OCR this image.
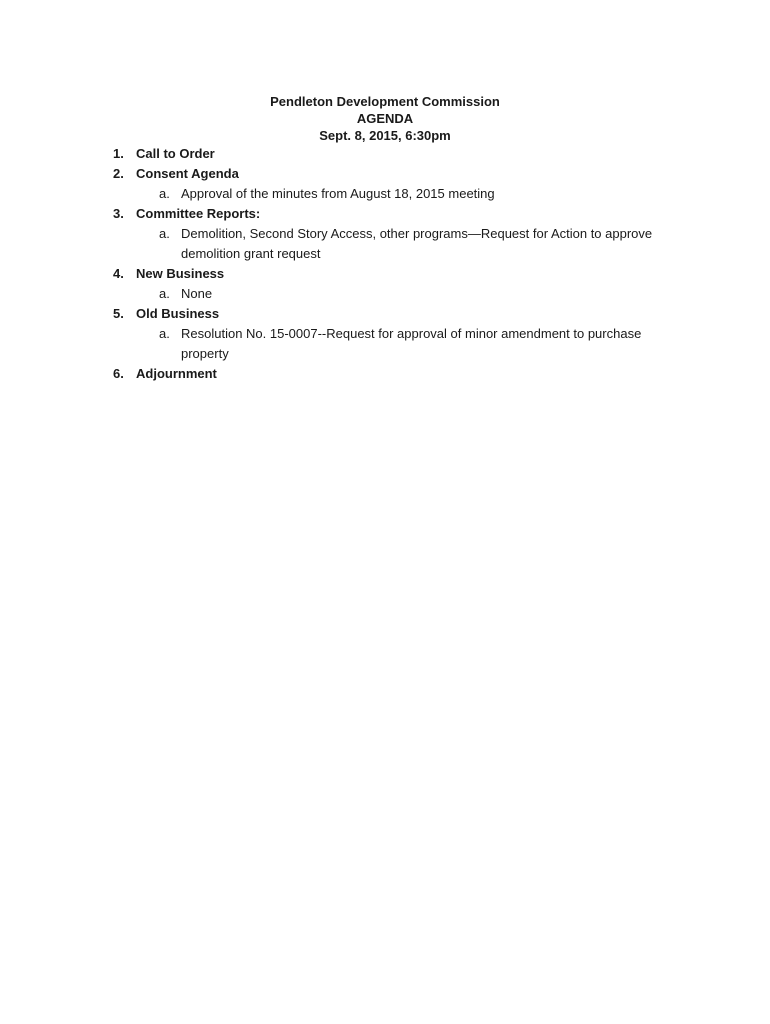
Pendleton Development Commission
AGENDA
Sept. 8, 2015, 6:30pm
1. Call to Order
2. Consent Agenda
a. Approval of the minutes from August 18, 2015 meeting
3. Committee Reports:
a. Demolition, Second Story Access, other programs—Request for Action to approve
demolition grant request
4. New Business
a. None
5. Old Business
a. Resolution No. 15-0007--Request for approval of minor amendment to purchase
property
6. Adjournment
